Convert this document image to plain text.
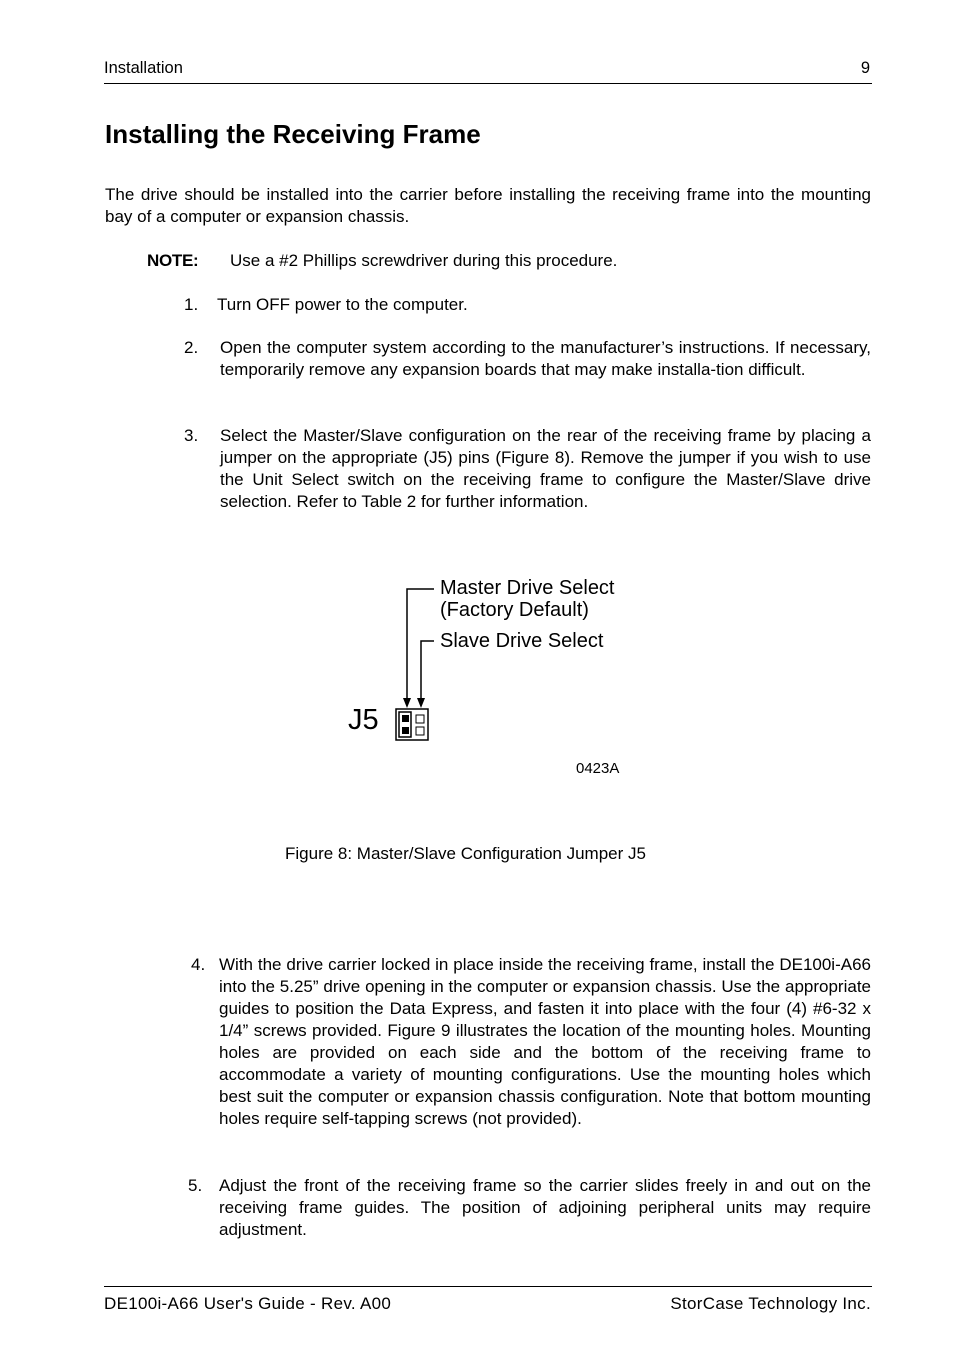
Installation	9
Installing the Receiving Frame
The drive should be installed into the carrier before installing the receiving frame into the mounting bay of a computer or expansion chassis.
NOTE: Use a #2 Phillips screwdriver during this procedure.
1. Turn OFF power to the computer.
2. Open the computer system according to the manufacturer’s instructions. If necessary, temporarily remove any expansion boards that may make installa-tion difficult.
3. Select the Master/Slave configuration on the rear of the receiving frame by placing a jumper on the appropriate (J5) pins (Figure 8). Remove the jumper if you wish to use the Unit Select switch on the receiving frame to configure the Master/Slave drive selection. Refer to Table 2 for further information.
Master Drive Select
(Factory Default)
Slave Drive Select
J5
0423A
Figure 8: Master/Slave Configuration Jumper J5
4. With the drive carrier locked in place inside the receiving frame, install the DE100i-A66 into the 5.25” drive opening in the computer or expansion chassis. Use the appropriate guides to position the Data Express, and fasten it into place with the four (4) #6-32 x 1/4” screws provided. Figure 9 illustrates the location of the mounting holes. Mounting holes are provided on each side and the bottom of the receiving frame to accommodate a variety of mounting configurations. Use the mounting holes which best suit the computer or expansion chassis configuration. Note that bottom mounting holes require self-tapping screws (not provided).
5. Adjust the front of the receiving frame so the carrier slides freely in and out on the receiving frame guides. The position of adjoining peripheral units may require adjustment.
DE100i-A66 User's Guide - Rev. A00	StorCase Technology Inc.
